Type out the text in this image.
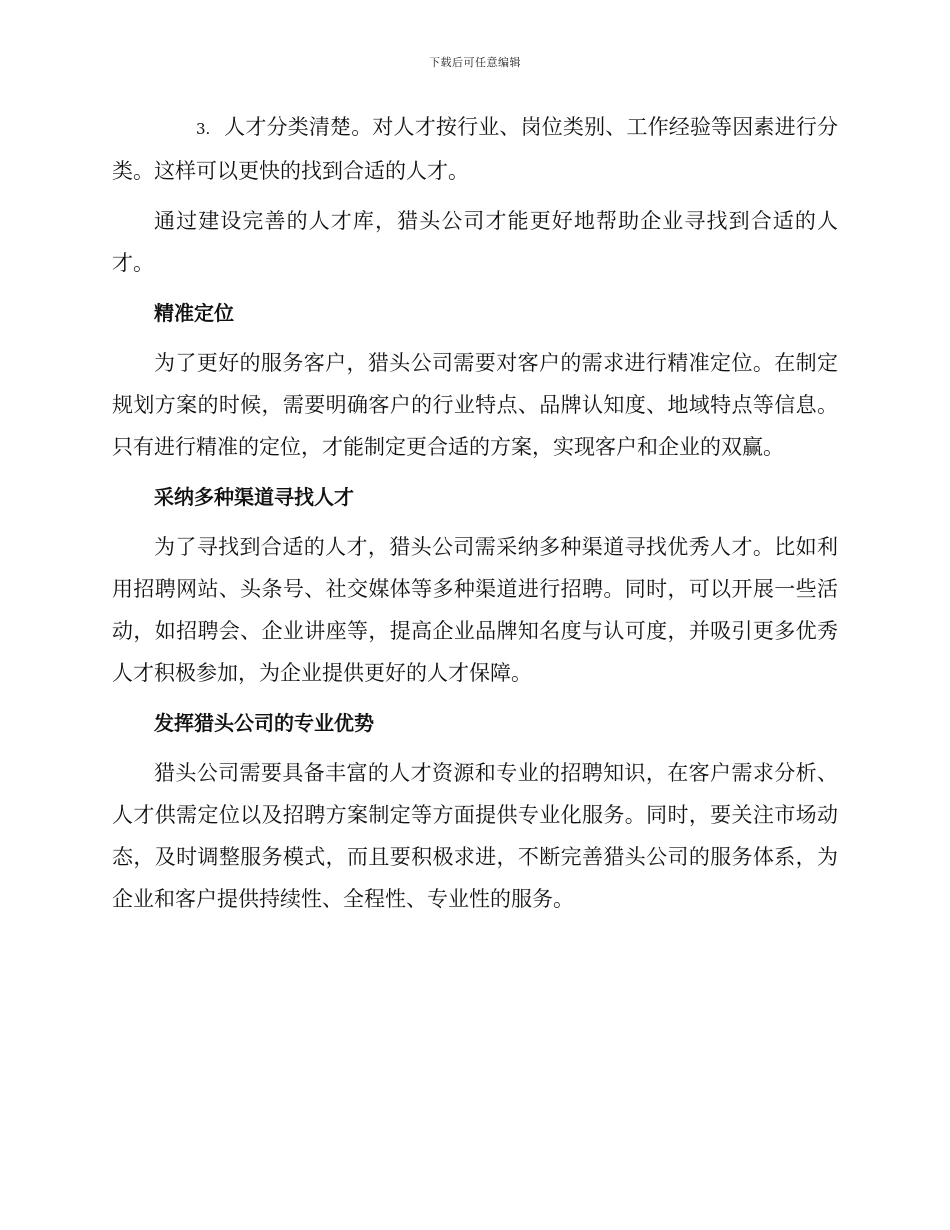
下载后可任意编辑

3. 人才分类清楚。对人才按行业、岗位类别、工作经验等因素进行分类。这样可以更快的找到合适的人才。

通过建设完善的人才库，猎头公司才能更好地帮助企业寻找到合适的人才。

精准定位

为了更好的服务客户，猎头公司需要对客户的需求进行精准定位。在制定规划方案的时候，需要明确客户的行业特点、品牌认知度、地域特点等信息。只有进行精准的定位，才能制定更合适的方案，实现客户和企业的双赢。

采纳多种渠道寻找人才

为了寻找到合适的人才，猎头公司需采纳多种渠道寻找优秀人才。比如利用招聘网站、头条号、社交媒体等多种渠道进行招聘。同时，可以开展一些活动，如招聘会、企业讲座等，提高企业品牌知名度与认可度，并吸引更多优秀人才积极参加，为企业提供更好的人才保障。

发挥猎头公司的专业优势

猎头公司需要具备丰富的人才资源和专业的招聘知识，在客户需求分析、人才供需定位以及招聘方案制定等方面提供专业化服务。同时，要关注市场动态，及时调整服务模式，而且要积极求进，不断完善猎头公司的服务体系，为企业和客户提供持续性、全程性、专业性的服务。
